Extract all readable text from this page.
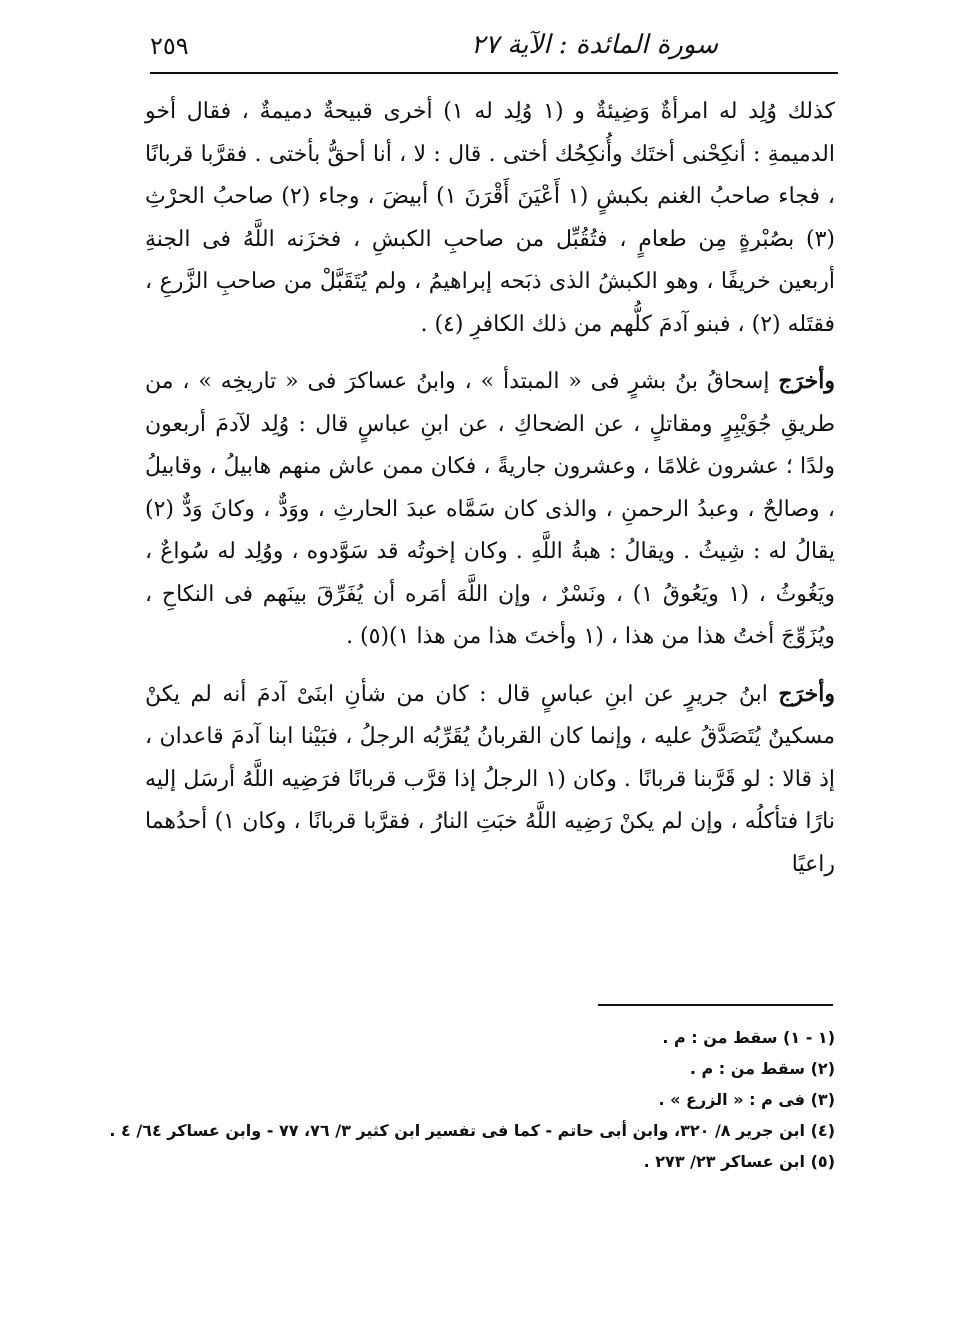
سورة المائدة : الآية ٢٧
٢٥٩

كذلك وُلِد له امرأةٌ وَضِيئةٌ و (١ وُلِد له ١) أخرى قبيحةٌ دميمةٌ ، فقال أخو الدميمةِ : أنكِحْنى أختَك وأُنكِحُك أختى . قال : لا ، أنا أحقُّ بأختى . فقرَّبا قربانًا ، فجاء صاحبُ الغنم بكبشٍ (١ أَعْيَنَ أَقْرَنَ ١) أبيضَ ، وجاء (٢) صاحبُ الحرْثِ (٣) بصُبْرةٍ مِن طعامٍ ، فتُقُبِّل من صاحبِ الكبشِ ، فخزَنه اللَّهُ فى الجنةِ أربعين خريفًا ، وهو الكبشُ الذى ذبَحه إبراهيمُ ، ولم يُتَقَبَّلْ من صاحبِ الزَّرعِ ، فقتَله (٢) ، فبنو آدمَ كلُّهم من ذلك الكافرِ (٤) .

وأخرَج إسحاقُ بنُ بشرٍ فى « المبتدأ » ، وابنُ عساكرَ فى « تاريخِه » ، من طريقِ جُوَيْبِرٍ ومقاتلٍ ، عن الضحاكِ ، عن ابنِ عباسٍ قال : وُلِد لآدمَ أربعون ولدًا ؛ عشرون غلامًا ، وعشرون جاريةً ، فكان ممن عاش منهم هابيلُ ، وقابيلُ ، وصالحٌ ، وعبدُ الرحمنِ ، والذى كان سَمَّاه عبدَ الحارثِ ، ووَدٌّ ، وكانَ وَدٌّ (٢) يقالُ له : شِيثُ . ويقالُ : هبةُ اللَّهِ . وكان إخوتُه قد سَوَّدوه ، ووُلِد له سُواعٌ ، ويَغُوثُ ، (١ ويَعُوقُ ١) ، ونَسْرٌ ، وإن اللَّهَ أمَره أن يُفَرِّقَ بينَهم فى النكاحِ ، ويُزَوِّجَ أختُ هذا من هذا ، (١ وأختَ هذا من هذا ١)(٥) .

وأخرَج ابنُ جريرٍ عن ابنِ عباسٍ قال : كان من شأنِ ابنَىْ آدمَ أنه لم يكنْ مسكينٌ يُتَصَدَّقُ عليه ، وإنما كان القربانُ يُقَرِّبُه الرجلُ ، فبَيْنا ابنا آدمَ قاعدان ، إذ قالا : لو قَرَّبنا قربانًا . وكان (١ الرجلُ إذا قرَّب قربانًا فرَضِيه اللَّهُ أرسَل إليه نارًا فتأكلُه ، وإن لم يكنْ رَضِيه اللَّهُ خبَتِ النارُ ، فقرَّبا قربانًا ، وكان ١) أحدُهما راعيًا

(١ - ١) سقط من : م .

(٢) سقط من : م .

(٣) فى م : « الزرع » .

(٤) ابن جرير ٨/ ٣٢٠، وابن أبى حاتم - كما فى تفسير ابن كثير ٣/ ٧٦، ٧٧ - وابن عساكر ٦٤/ ٤ .

(٥) ابن عساكر ٢٣/ ٢٧٣ .
